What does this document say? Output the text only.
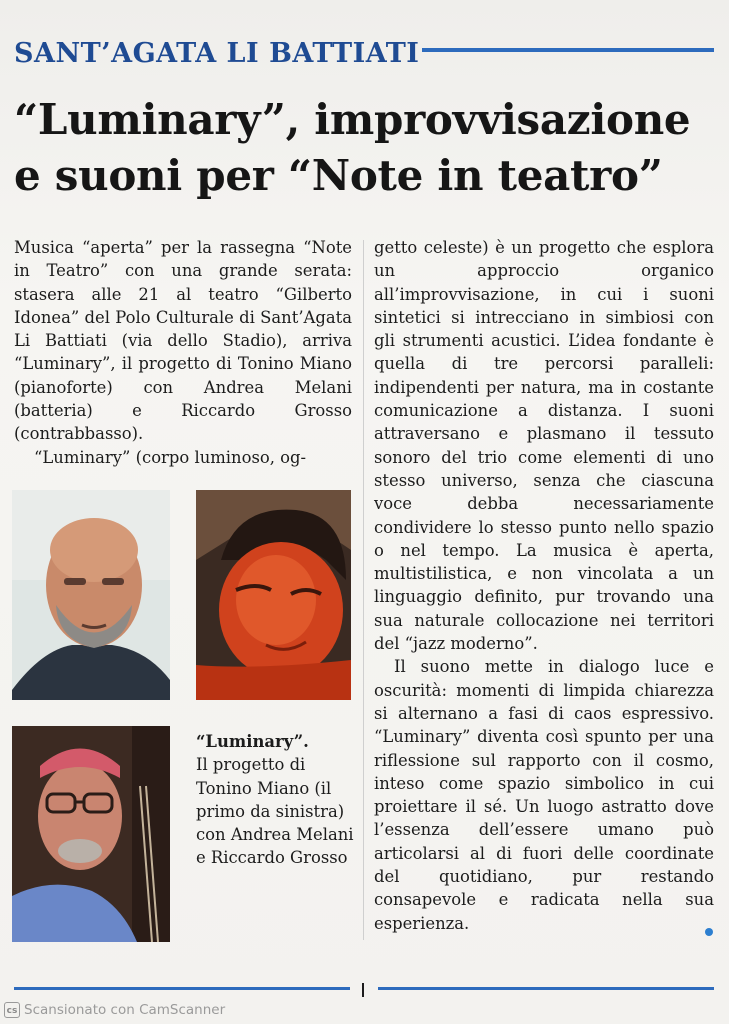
SANT’AGATA LI BATTIATI
“Luminary”, improvvisazione
e suoni per “Note in teatro”

Musica “aperta” per la rassegna “Note in Teatro” con una grande serata: stasera alle 21 al teatro “Gilberto Idonea” del Polo Culturale di Sant’Agata Li Battiati (via dello Stadio), arriva “Luminary”, il progetto di Tonino Miano (pianoforte) con Andrea Melani (batteria) e Riccardo Grosso (contrabbasso).

“Luminary” (corpo luminoso, og-

getto celeste) è un progetto che esplora un approccio organico all’improvvisazione, in cui i suoni sintetici si intrecciano in simbiosi con gli strumenti acustici. L’idea fondante è quella di tre percorsi paralleli: indipendenti per natura, ma in costante comunicazione a distanza. I suoni attraversano e plasmano il tessuto sonoro del trio come elementi di uno stesso universo, senza che ciascuna voce debba necessariamente condividere lo stesso punto nello spazio o nel tempo. La musica è aperta, multistilistica, e non vincolata a un linguaggio definito, pur trovando una sua naturale collocazione nei territori del “jazz moderno”.

Il suono mette in dialogo luce e oscurità: momenti di limpida chiarezza si alternano a fasi di caos espressivo. “Luminary” diventa così spunto per una riflessione sul rapporto con il cosmo, inteso come spazio simbolico in cui proiettare il sé. Un luogo astratto dove l’essenza dell’essere umano può articolarsi al di fuori delle coordinate del quotidiano, pur restando consapevole e radicata nella sua esperienza.

“Luminary”.
Il progetto di Tonino Miano (il primo da sinistra) con Andrea Melani e Riccardo Grosso
cs Scansionato con CamScanner
